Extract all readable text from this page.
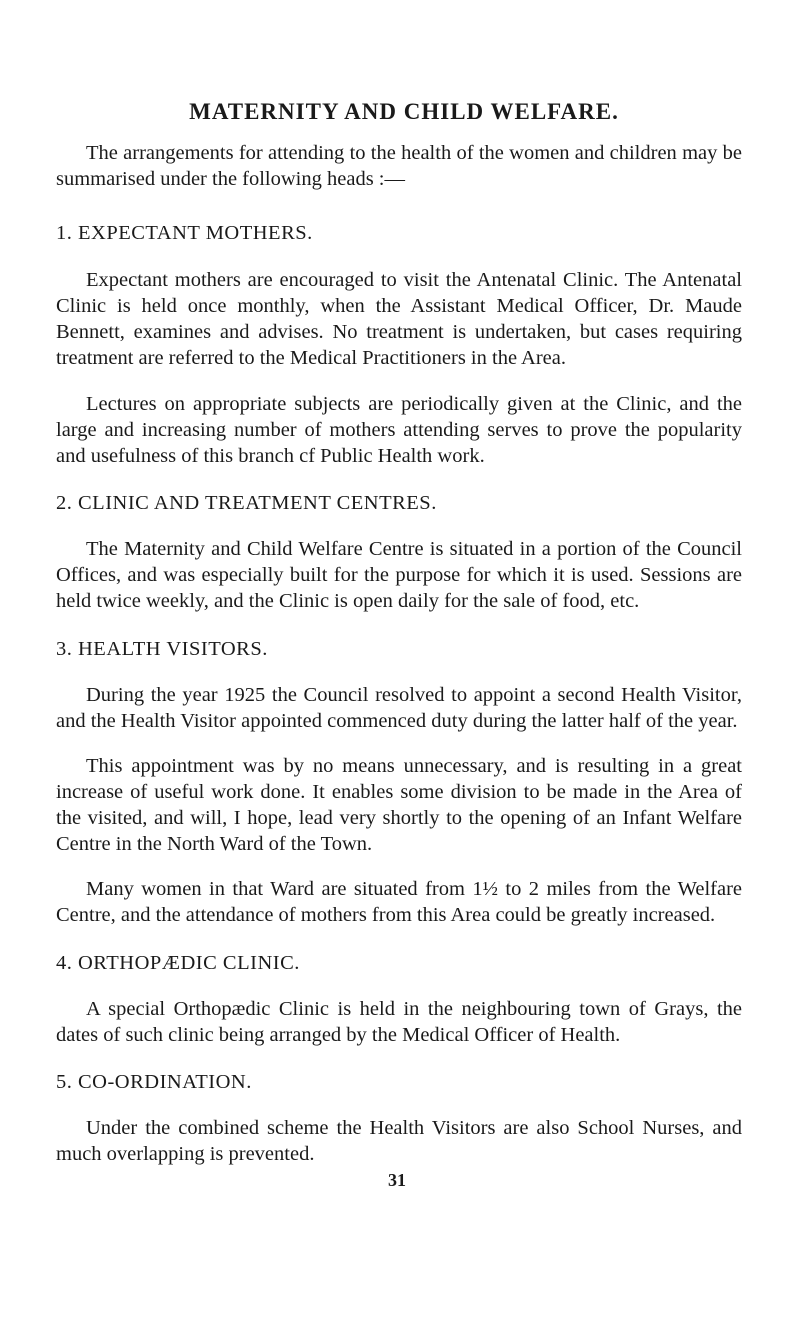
MATERNITY AND CHILD WELFARE.

The arrangements for attending to the health of the women and children may be summarised under the following heads :—

1. EXPECTANT MOTHERS.

Expectant mothers are encouraged to visit the Antenatal Clinic. The Antenatal Clinic is held once monthly, when the Assistant Medical Officer, Dr. Maude Bennett, examines and advises. No treatment is undertaken, but cases requiring treatment are referred to the Medical Practitioners in the Area.

Lectures on appropriate subjects are periodically given at the Clinic, and the large and increasing number of mothers attending serves to prove the popularity and usefulness of this branch cf Public Health work.

2. CLINIC AND TREATMENT CENTRES.

The Maternity and Child Welfare Centre is situated in a portion of the Council Offices, and was especially built for the purpose for which it is used. Sessions are held twice weekly, and the Clinic is open daily for the sale of food, etc.

3. HEALTH VISITORS.

During the year 1925 the Council resolved to appoint a second Health Visitor, and the Health Visitor appointed commenced duty during the latter half of the year.

This appointment was by no means unnecessary, and is resulting in a great increase of useful work done. It enables some division to be made in the Area of the visited, and will, I hope, lead very shortly to the opening of an Infant Welfare Centre in the North Ward of the Town.

Many women in that Ward are situated from 1½ to 2 miles from the Welfare Centre, and the attendance of mothers from this Area could be greatly increased.

4. ORTHOPÆDIC CLINIC.

A special Orthopædic Clinic is held in the neighbouring town of Grays, the dates of such clinic being arranged by the Medical Officer of Health.

5. CO-ORDINATION.

Under the combined scheme the Health Visitors are also School Nurses, and much overlapping is prevented.

31
